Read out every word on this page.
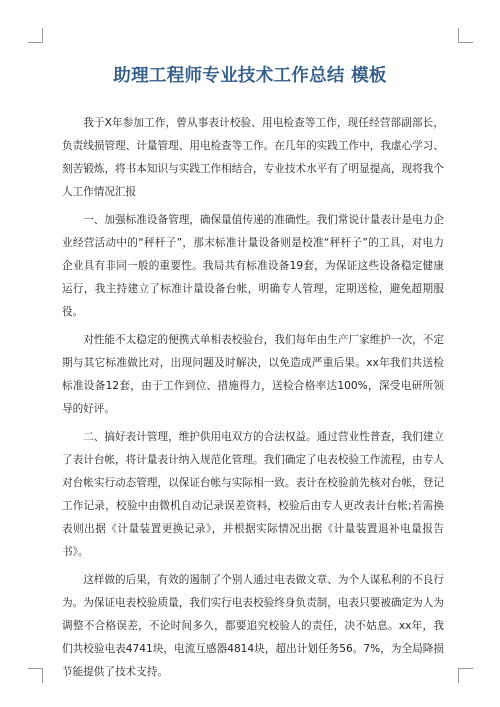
助理工程师专业技术工作总结 模板

我于X年参加工作，曾从事表计校验、用电检查等工作，现任经营部副部长，负责线损管理、计量管理、用电检查等工作。在几年的实践工作中，我虚心学习、刻苦锻炼，将书本知识与实践工作相结合，专业技术水平有了明显提高，现将我个人工作情况汇报

一、加强标准设备管理，确保量值传递的准确性。我们常说计量表计是电力企业经营活动中的“秤杆子”，那末标准计量设备则是校准“秤杆子”的工具，对电力企业具有非同一般的重要性。我局共有标准设备19套，为保证这些设备稳定健康运行，我主持建立了标准计量设备台帐，明确专人管理，定期送检，避免超期服役。

对性能不太稳定的便携式单相表校验台，我们每年由生产厂家维护一次，不定期与其它标准做比对，出现问题及时解决，以免造成严重后果。xx年我们共送检标准设备12套，由于工作到位、措施得力，送检合格率达100%，深受电研所领导的好评。

二、搞好表计管理，维护供用电双方的合法权益。通过营业性普查，我们建立了表计台帐，将计量表计纳入规范化管理。我们确定了电表校验工作流程，由专人对台帐实行动态管理，以保证台帐与实际相一致。表计在校验前先核对台帐，登记工作记录，校验中由微机自动记录误差资料，校验后由专人更改表计台帐;若需换表则出据《计量装置更换记录》，并根据实际情况出据《计量装置退补电量报告书》。

这样做的后果，有效的遏制了个别人通过电表做文章、为个人谋私利的不良行为。为保证电表校验质量，我们实行电表校验终身负责制，电表只要被确定为人为调整不合格误差，不论时间多久，都要追究校验人的责任，决不姑息。xx年，我们共校验电表4741块，电流互感器4814块，超出计划任务56。7%，为全局降损节能提供了技术支持。
